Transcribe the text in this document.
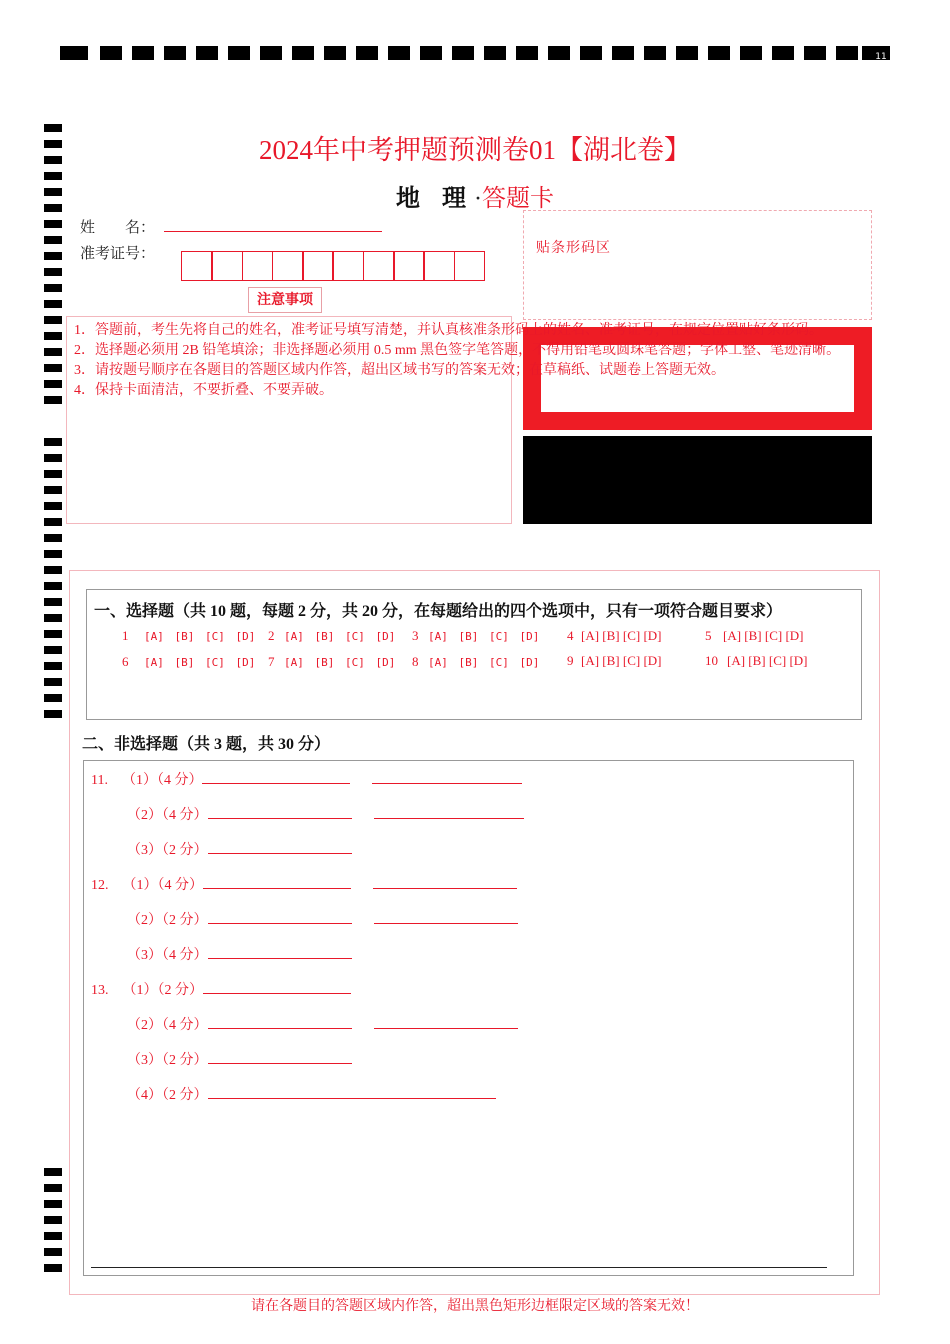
11
2024年中考押题预测卷01【湖北卷】
地 理·答题卡
姓　　名：
准考证号：
注意事项
1．答题前，考生先将自己的姓名，准考证号填写清楚，并认真核准条形码上的姓名、准考证号，在规定位置贴好条形码。
2．选择题必须用 2B 铅笔填涂；非选择题必须用 0.5 mm 黑色签字笔答题，不得用铅笔或圆珠笔答题；字体工整、笔迹清晰。
3．请按题号顺序在各题目的答题区域内作答，超出区域书写的答案无效；在草稿纸、试题卷上答题无效。
4．保持卡面清洁，不要折叠、不要弄破。
贴条形码区
一、选择题（共 10 题，每题 2 分，共 20 分，在每题给出的四个选项中，只有一项符合题目要求）
1 [A] [B] [C] [D] 2 [A] [B] [C] [D] 3 [A] [B] [C] [D] 4 [A] [B] [C] [D]	5 [A] [B] [C] [D]
6 [A] [B] [C] [D] 7 [A] [B] [C] [D] 8 [A] [B] [C] [D] 9 [A] [B] [C] [D]	10 [A] [B] [C] [D]
二、非选择题（共 3 题，共 30 分）
11. （1）（4 分）
（2）（4 分）
（3）（2 分）
12. （1）（4 分）
（2）（2 分）
（3）（4 分）
13. （1）（2 分）
（2）（4 分）
（3）（2 分）
（4）（2 分）
请在各题目的答题区域内作答，超出黑色矩形边框限定区域的答案无效！
